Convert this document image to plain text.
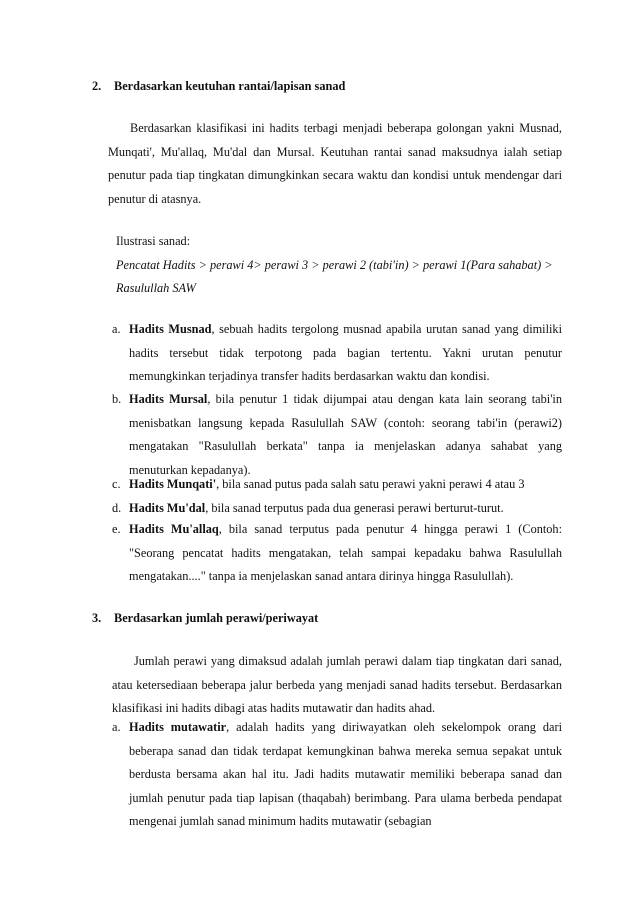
2. Berdasarkan keutuhan rantai/lapisan sanad

Berdasarkan klasifikasi ini hadits terbagi menjadi beberapa golongan yakni Musnad, Munqati', Mu'allaq, Mu'dal dan Mursal. Keutuhan rantai sanad maksudnya ialah setiap penutur pada tiap tingkatan dimungkinkan secara waktu dan kondisi untuk mendengar dari penutur di atasnya.

Ilustrasi sanad:
Pencatat Hadits > perawi 4> perawi 3 > perawi 2 (tabi'in) > perawi 1(Para sahabat) > Rasulullah SAW
a. Hadits Musnad, sebuah hadits tergolong musnad apabila urutan sanad yang dimiliki hadits tersebut tidak terpotong pada bagian tertentu. Yakni urutan penutur memungkinkan terjadinya transfer hadits berdasarkan waktu dan kondisi.
b. Hadits Mursal, bila penutur 1 tidak dijumpai atau dengan kata lain seorang tabi'in menisbatkan langsung kepada Rasulullah SAW (contoh: seorang tabi'in (perawi2) mengatakan "Rasulullah berkata" tanpa ia menjelaskan adanya sahabat yang menuturkan kepadanya).
c. Hadits Munqati', bila sanad putus pada salah satu perawi yakni perawi 4 atau 3
d. Hadits Mu'dal, bila sanad terputus pada dua generasi perawi berturut-turut.
e. Hadits Mu'allaq, bila sanad terputus pada penutur 4 hingga perawi 1 (Contoh: "Seorang pencatat hadits mengatakan, telah sampai kepadaku bahwa Rasulullah mengatakan...." tanpa ia menjelaskan sanad antara dirinya hingga Rasulullah).
3. Berdasarkan jumlah perawi/periwayat

Jumlah perawi yang dimaksud adalah jumlah perawi dalam tiap tingkatan dari sanad, atau ketersediaan beberapa jalur berbeda yang menjadi sanad hadits tersebut. Berdasarkan klasifikasi ini hadits dibagi atas hadits mutawatir dan hadits ahad.

a. Hadits mutawatir, adalah hadits yang diriwayatkan oleh sekelompok orang dari beberapa sanad dan tidak terdapat kemungkinan bahwa mereka semua sepakat untuk berdusta bersama akan hal itu. Jadi hadits mutawatir memiliki beberapa sanad dan jumlah penutur pada tiap lapisan (thaqabah) berimbang. Para ulama berbeda pendapat mengenai jumlah sanad minimum hadits mutawatir (sebagian
